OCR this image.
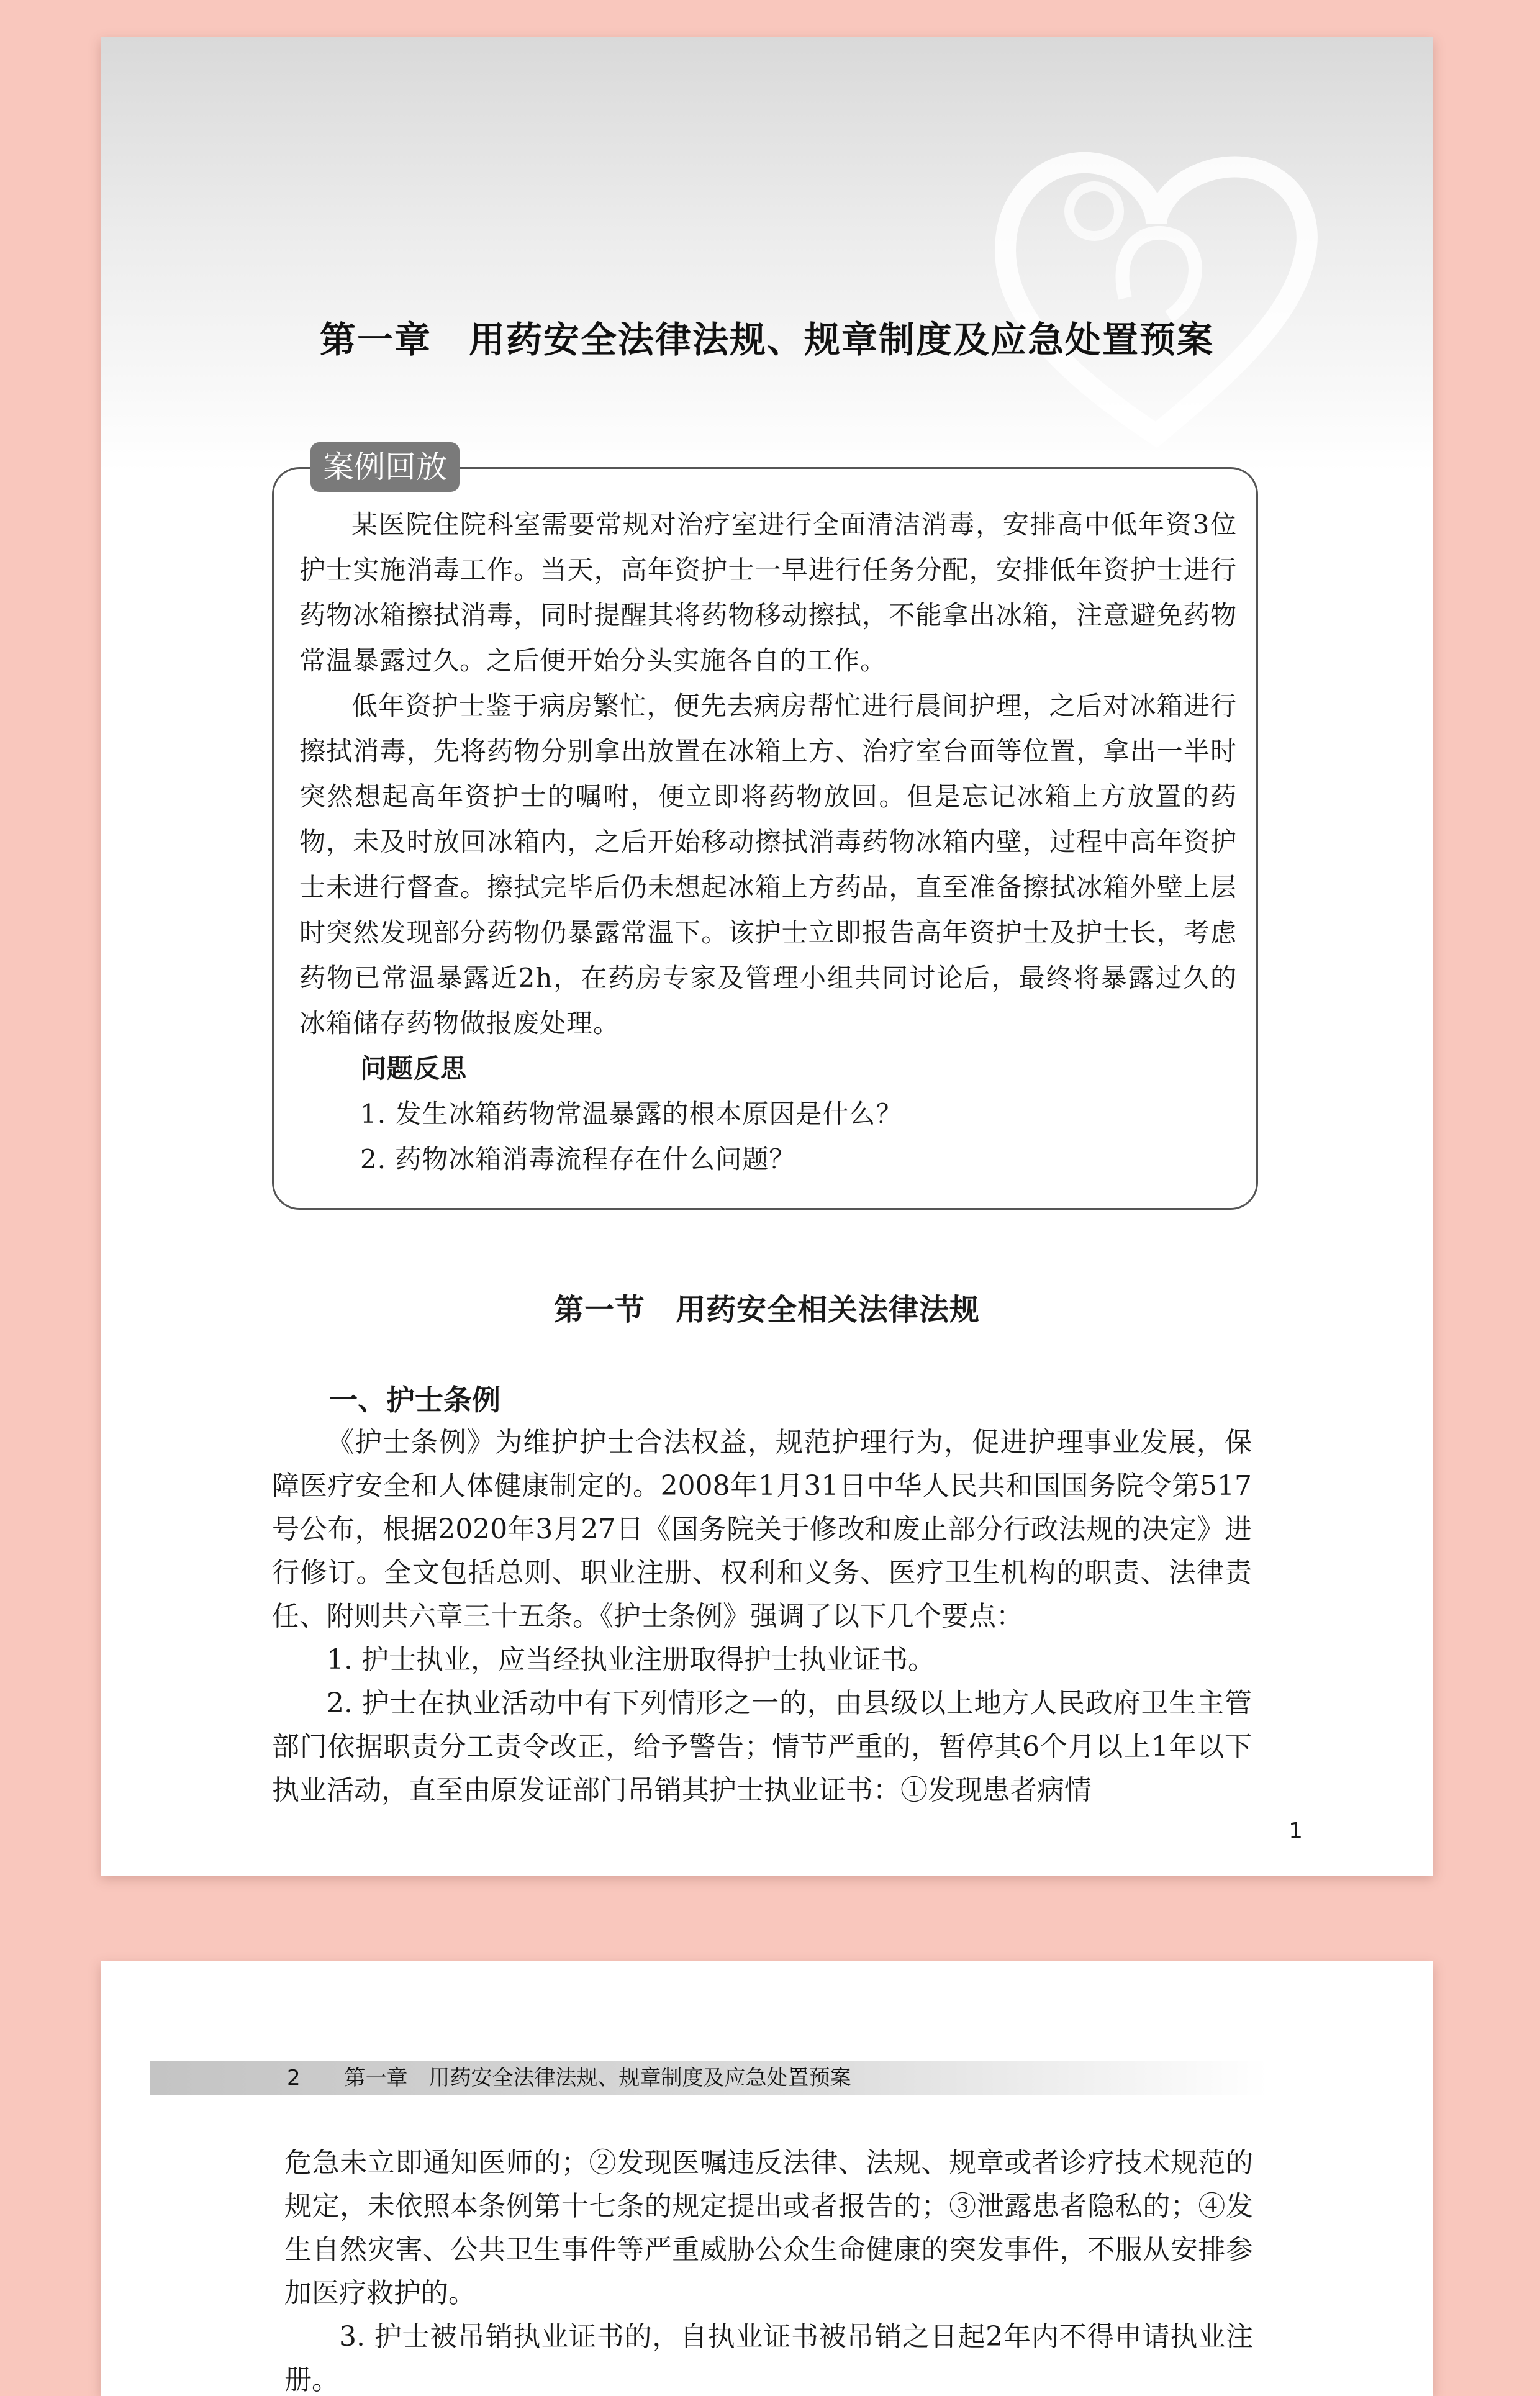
第一章　用药安全法律法规、规章制度及应急处置预案
案例回放

某医院住院科室需要常规对治疗室进行全面清洁消毒，安排高中低年资3位护士实施消毒工作。当天，高年资护士一早进行任务分配，安排低年资护士进行药物冰箱擦拭消毒，同时提醒其将药物移动擦拭，不能拿出冰箱，注意避免药物常温暴露过久。之后便开始分头实施各自的工作。

低年资护士鉴于病房繁忙，便先去病房帮忙进行晨间护理，之后对冰箱进行擦拭消毒，先将药物分别拿出放置在冰箱上方、治疗室台面等位置，拿出一半时突然想起高年资护士的嘱咐，便立即将药物放回。但是忘记冰箱上方放置的药物，未及时放回冰箱内，之后开始移动擦拭消毒药物冰箱内壁，过程中高年资护士未进行督查。擦拭完毕后仍未想起冰箱上方药品，直至准备擦拭冰箱外壁上层时突然发现部分药物仍暴露常温下。该护士立即报告高年资护士及护士长，考虑药物已常温暴露近2h，在药房专家及管理小组共同讨论后，最终将暴露过久的冰箱储存药物做报废处理。

问题反思
1. 发生冰箱药物常温暴露的根本原因是什么？
2. 药物冰箱消毒流程存在什么问题？
第一节　用药安全相关法律法规
一、护士条例

《护士条例》为维护护士合法权益，规范护理行为，促进护理事业发展，保障医疗安全和人体健康制定的。2008年1月31日中华人民共和国国务院令第517号公布，根据2020年3月27日《国务院关于修改和废止部分行政法规的决定》进行修订。全文包括总则、职业注册、权利和义务、医疗卫生机构的职责、法律责任、附则共六章三十五条。《护士条例》强调了以下几个要点：

1. 护士执业，应当经执业注册取得护士执业证书。

2. 护士在执业活动中有下列情形之一的，由县级以上地方人民政府卫生主管部门依据职责分工责令改正，给予警告；情节严重的，暂停其6个月以上1年以下执业活动，直至由原发证部门吊销其护士执业证书：①发现患者病情

1
2 第一章　用药安全法律法规、规章制度及应急处置预案

危急未立即通知医师的；②发现医嘱违反法律、法规、规章或者诊疗技术规范的规定，未依照本条例第十七条的规定提出或者报告的；③泄露患者隐私的；④发生自然灾害、公共卫生事件等严重威胁公众生命健康的突发事件，不服从安排参加医疗救护的。

3. 护士被吊销执业证书的，自执业证书被吊销之日起2年内不得申请执业注册。
